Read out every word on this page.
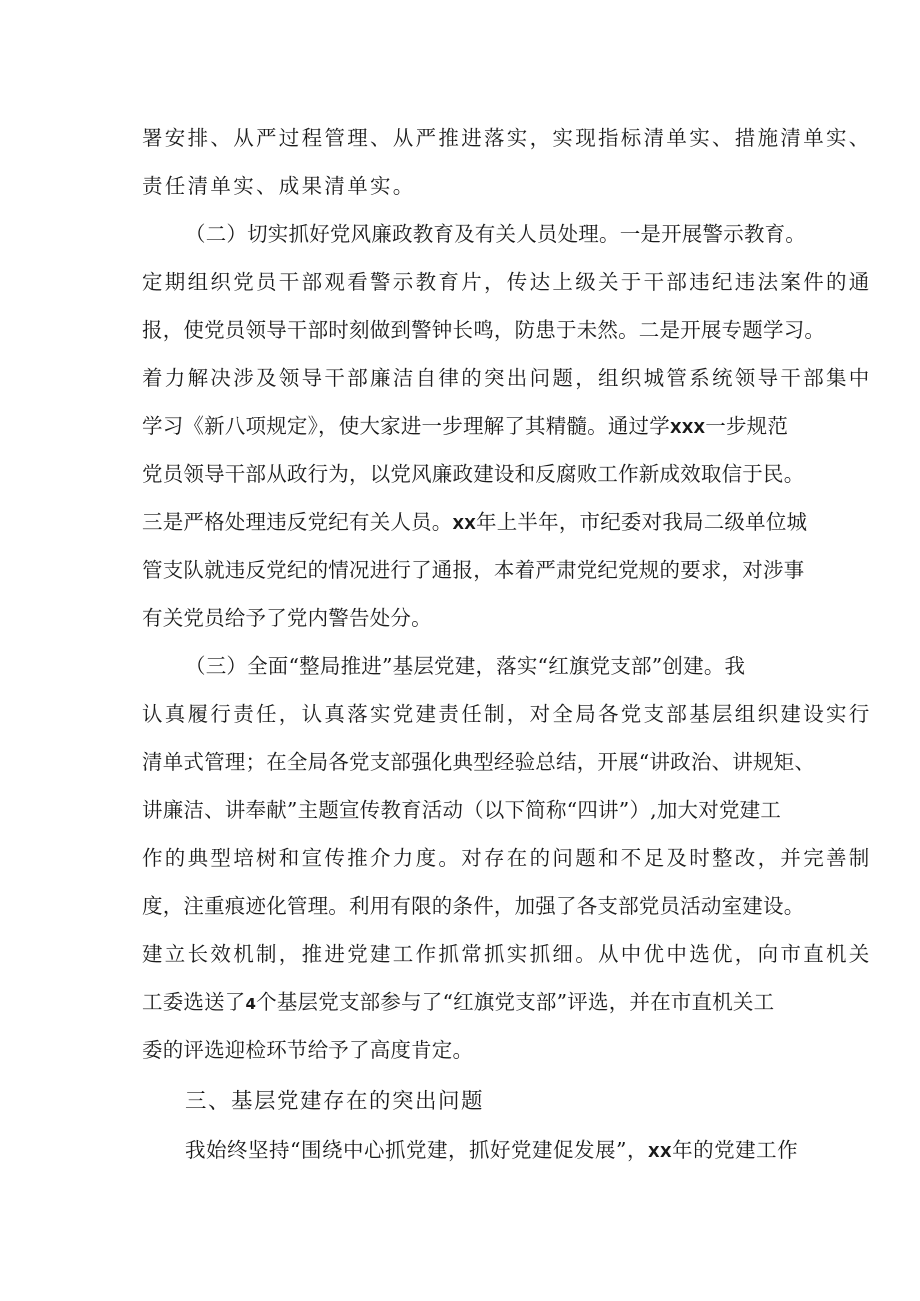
署安排、从严过程管理、从严推进落实，实现指标清单实、措施清单实、
责任清单实、成果清单实。
（二）切实抓好党风廉政教育及有关人员处理。一是开展警示教育。
定期组织党员干部观看警示教育片，传达上级关于干部违纪违法案件的通
报，使党员领导干部时刻做到警钟长鸣，防患于未然。二是开展专题学习。
着力解决涉及领导干部廉洁自律的突出问题，组织城管系统领导干部集中
学习《新八项规定》，使大家进一步理解了其精髓。通过学XXX一步规范
党员领导干部从政行为，以党风廉政建设和反腐败工作新成效取信于民。
三是严格处理违反党纪有关人员。XX年上半年，市纪委对我局二级单位城
管支队就违反党纪的情况进行了通报，本着严肃党纪党规的要求，对涉事
有关党员给予了党内警告处分。
（三）全面“整局推进”基层党建，落实“红旗党支部”创建。我
认真履行责任，认真落实党建责任制，对全局各党支部基层组织建设实行
清单式管理；在全局各党支部强化典型经验总结，开展“讲政治、讲规矩、
讲廉洁、讲奉献”主题宣传教育活动（以下简称“四讲”）,加大对党建工
作的典型培树和宣传推介力度。对存在的问题和不足及时整改，并完善制
度，注重痕迹化管理。利用有限的条件，加强了各支部党员活动室建设。
建立长效机制，推进党建工作抓常抓实抓细。从中优中选优，向市直机关
工委选送了4个基层党支部参与了“红旗党支部”评选，并在市直机关工
委的评选迎检环节给予了高度肯定。
三、基层党建存在的突出问题
我始终坚持“围绕中心抓党建，抓好党建促发展”，XX年的党建工作
